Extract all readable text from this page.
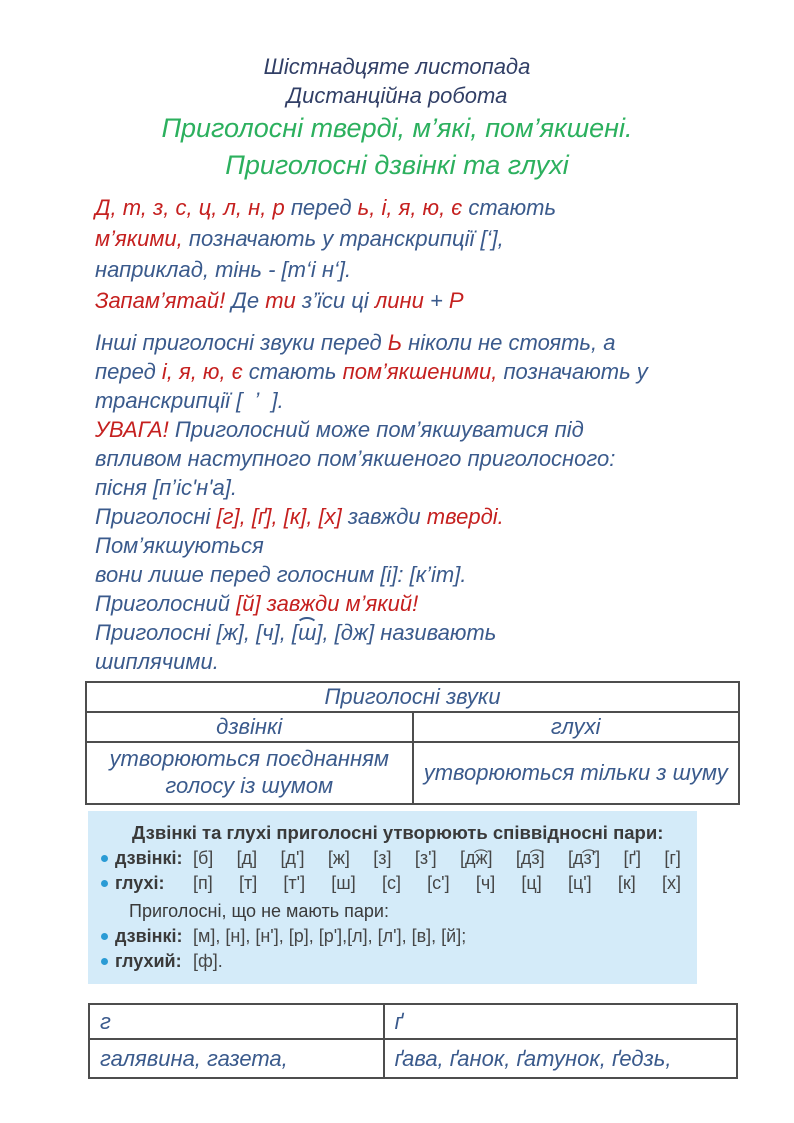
Шістнадцяте листопада
Дистанційна робота
Приголосні тверді, м’які, пом’якшені.
Приголосні дзвінкі та глухі
Д, т, з, с, ц, л, н, р перед ь, і, я, ю, є стають
м’якими, позначають у транскрипції [‘],
наприклад, тінь - [т‘і н‘].
Запам’ятай! Де ти з’їси ці лини + Р
Інші приголосні звуки перед Ь ніколи не стоять, а
перед і, я, ю, є стають пом’якшеними, позначають у
транскрипції [  ’  ].
УВАГА! Приголосний може пом’якшуватися під
впливом наступного пом’якшеного приголосного:
пісня [п’іс'н'а].
Приголосні [г], [ґ], [к], [х] завжди тверді.
Пом’якшуються
вони лише перед голосним [і]: [к’іт].
Приголосний [й] завжди м’який!
Приголосні [ж], [ч], [ш], [дж] називають
шиплячими.
Приголосні звуки	
дзвінкі	глухі
утворюються поєднанням голосу із шумом	утворюються тільки з шуму
Дзвінкі та глухі приголосні утворюють співвідносні пари:
дзвінкі: [б] [д] [д'] [ж] [з] [з'] [д͡ж] [д͡з] [д͡з'] [ґ] [г]
глухі:	[п] [т] [т'] [ш] [с] [с'] [ч] [ц] [ц'] [к] [х]
Приголосні, що не мають пари:
дзвінкі: [м], [н], [н'], [р], [р'],[л], [л'], [в], [й];
глухий: [ф].
г	ґ
галявина, газета,	ґава, ґанок, ґатунок, ґедзь,
